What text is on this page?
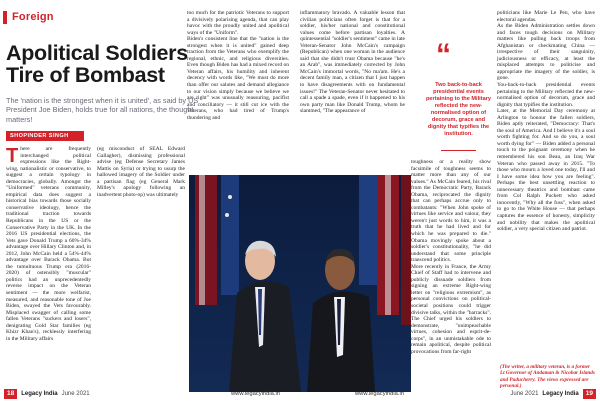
Foreign
Apolitical Soldiers Tire of Bombast
The 'nation is the strongest when it is united', as said by US President Joe Biden, holds true for all nations, the thought matters!
SHOPINDER SINGH
There are frequently interchanged political expressions like the Right-wing, nationalistic or conservative, to suggest a certain typology in democracies, globally. Amongst the "Uniformed" veterans community, empirical data does suggest a historical bias towards those socially conservative ideology, hence the traditional traction towards Republicans in the US or the Conservative Party in the UK. In the 2016 US presidential elections, the Vets gave Donald Trump a 60%-34% advantage over Hillary Clinton and, in 2012, John McCain held a 54%-44% advantage over Barack Obama. But the tumultuous Trump era (2016-2020) of ostensibly "muscular" politics had an unprecedentedly reverse impact on the Veteran sentiment — the more welfarist, measured, and reasonable tone of Joe Biden, swayed the Vets favourably. Misplaced swagger of calling some fallen Veterans "suckers and losers", denigrating Gold Star families (eg Khizr Khan's), recklessly interfering in the Military affairs
(eg misconduct of SEAL Edward Gallagher), dismissing professional advise (eg Defense Secretary James Mattis on Syria) or trying to usurp the hallowed imagery of the Soldier under a partisan flag (eg General Mark Milley's apology following an inadvertent photo-op) was ultimately
too much for the patriotic Veterans to support a divisively polarising agenda, that can play havoc with the proudly united and apolitical ways of the "Uniform".
Biden's consistent line that the "nation is the strongest when it is united" gained deep traction from the Veterans who exemplify the regional, ethnic, and religious diversities. Even though Biden has had a mixed record on Veteran affairs, his humility and inherent decency with words like, "We must do more than offer our salutes and demand allegiance to our vision simply because we believe we are right" was unusually reassuring, pacifist and conciliatory — it still cut ice with the Veterans, who had tired of Trump's thundering and
inflammatory bravado. A valuable lesson that civilian politicians often forget is that for a soldier, his/her national and constitutional values come before partisan loyalties. A quintessential "soldier's sentiment" came in late Veteran-Senator John McCain's campaign (Republican) when one woman in the audience said that she didn't trust Obama because "he's an Arab", was immediately corrected by John McCain's immortal words, "No ma'am. He's a decent family man, a citizen that I just happen to have disagreements with on fundamental issues!" The Veteran-Senator never hesitated to call a spade a spade, even if it happened to his own party man like Donald Trump, whom he slammed, "The appearance of
“
Two back-to-back presidential events pertaining to the Military reflected the new-normalised option of decorum, grace and dignity that typifies the institution.
toughness or a reality show facsimile of toughness seems to matter more than any of our values." As McCain feared, his rival from the Democratic Party, Barack Obama, reciprocated the dignity that can perhaps accrue only to combatants: "When John spoke of virtues like service and valour, they weren't just words to him, it was a truth that he had lived and for which he was prepared to die." Obama movingly spoke about a soldier's constitutionality, "he did understand that some principle transcend politics.
More recently in France, the Army Chief of Staff had to intervene and publicly dissuade soldiers from signing an extreme Right-wing letter on "religious extremism", as personal convictions on political-societal positions could trigger divisive talks, within the "barracks". The Chief urged his soldiers to demonstrate, "unimpeachable virtues, cohesion and esprit-de-corps", in an unmistakable ode to remain apolitical, despite political provocations from far-right
politicians like Marie Le Pen, who have electoral agendas.
As the Biden Administration settles down and faces tough decisions on Military matters like pulling back troops from Afghanistan or checkmating China — irrespective of their sanguinity, judiciousness or efficacy, at least the misplaced attempts to politicise and appropriate the imagery of the soldier, is gone.
You-back-to-back presidential events pertaining to the Military reflected the new-normalised option of decorum, grace and dignity that typifies the institution.
Later, at the Memorial Day ceremony at Arlington to honour the fallen soldiers, Biden aptly reiterated, "Democracy: That's the soul of America. And I believe it's a soul worth fighting for. And so do you, a soul worth dying for" — Biden added a personal touch to the poignant ceremony when he remembered his son Beau, an Iraq War Veteran who passed away in 2015. "To those who mourn a loved one today, I'll and I have some idea how you are feeling". Perhaps the best unsettling reaction to unnecessary theatrics and bombast came from Col Ralph Puckett who asked innocently, "Why all the fuss", when asked to go to the White House — that perhaps captures the essence of honesty, simplicity and nobility that makes the apolitical soldier, a very special citizen and patriot.
(The writer, a military veteran, is a former Lt Governor of Andaman & Nicobar Islands and Puducherry. The views expressed are personal.)
18	Legacy India June 2021	www.legacyindia.in	www.legacyindia.in	June 2021 Legacy India	19
